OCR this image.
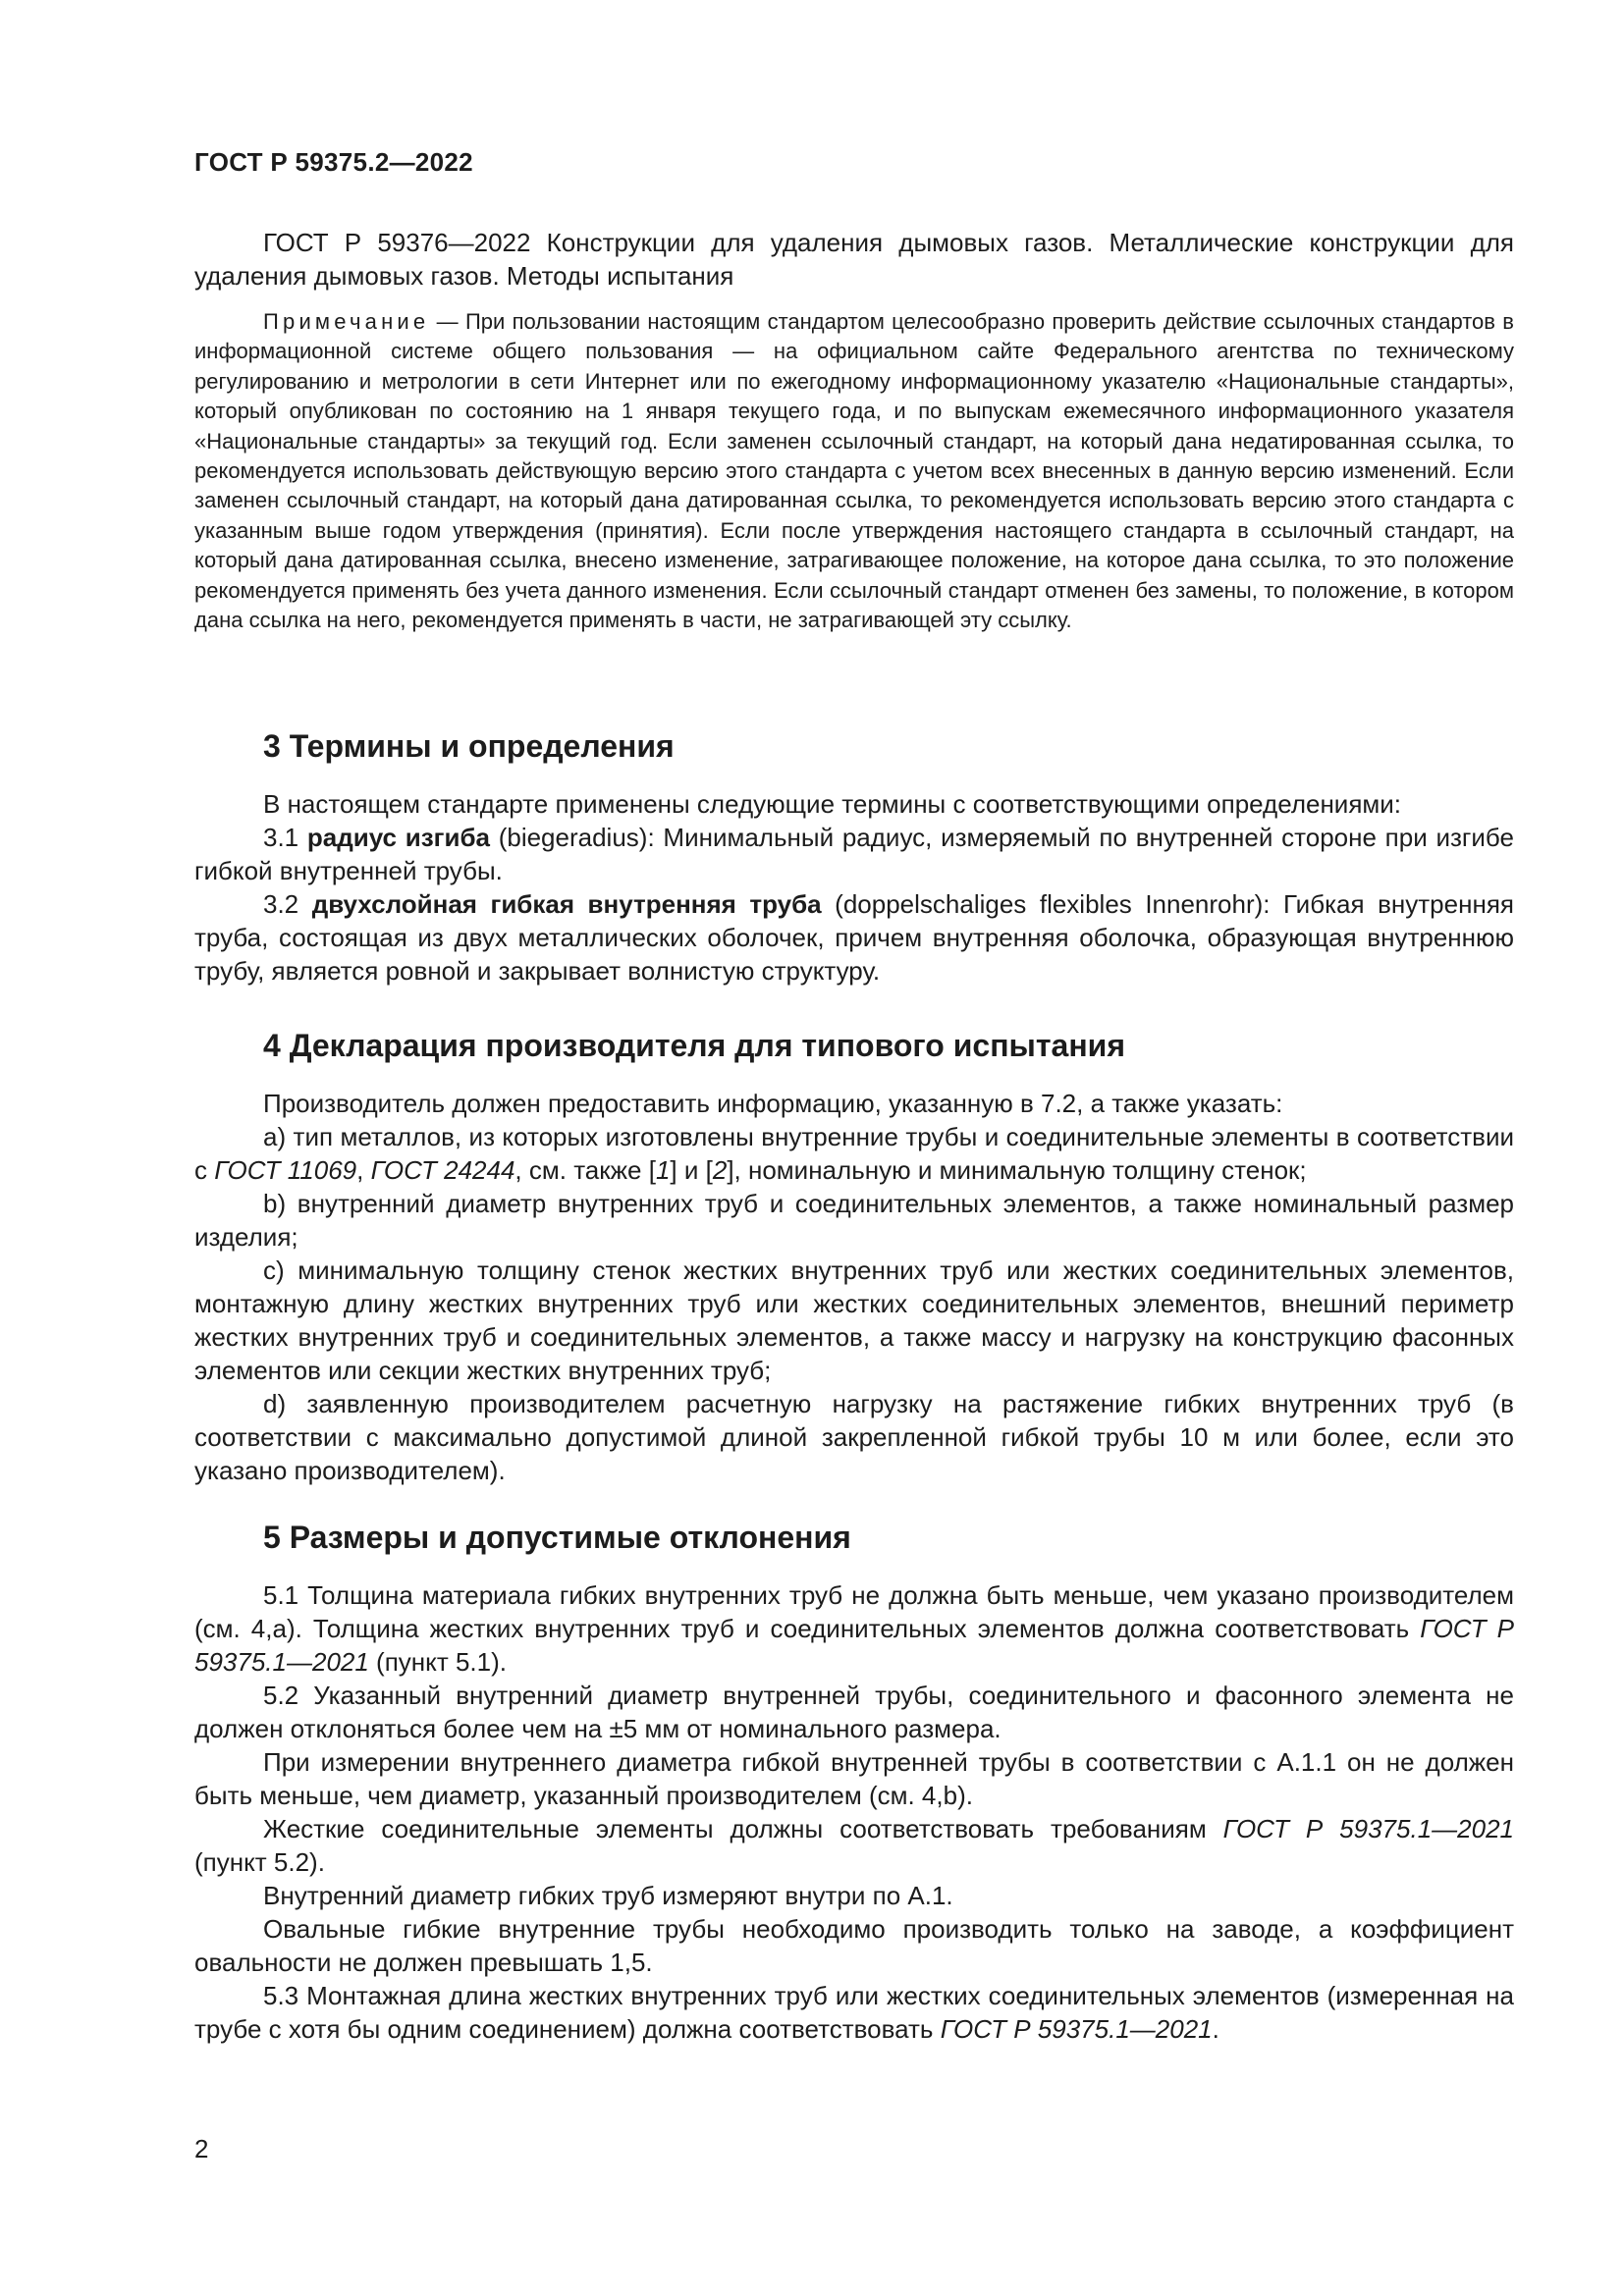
ГОСТ Р 59375.2—2022

ГОСТ Р 59376—2022 Конструкции для удаления дымовых газов. Металлические конструкции для удаления дымовых газов. Методы испытания

Примечание — При пользовании настоящим стандартом целесообразно проверить действие ссылочных стандартов в информационной системе общего пользования — на официальном сайте Федерального агентства по техническому регулированию и метрологии в сети Интернет или по ежегодному информационному указателю «Национальные стандарты», который опубликован по состоянию на 1 января текущего года, и по выпускам ежемесячного информационного указателя «Национальные стандарты» за текущий год. Если заменен ссылочный стандарт, на который дана недатированная ссылка, то рекомендуется использовать действующую версию этого стандарта с учетом всех внесенных в данную версию изменений. Если заменен ссылочный стандарт, на который дана датированная ссылка, то рекомендуется использовать версию этого стандарта с указанным выше годом утверждения (принятия). Если после утверждения настоящего стандарта в ссылочный стандарт, на который дана датированная ссылка, внесено изменение, затрагивающее положение, на которое дана ссылка, то это положение рекомендуется применять без учета данного изменения. Если ссылочный стандарт отменен без замены, то положение, в котором дана ссылка на него, рекомендуется применять в части, не затрагивающей эту ссылку.

3 Термины и определения

В настоящем стандарте применены следующие термины с соответствующими определениями:

3.1 радиус изгиба (biegeradius): Минимальный радиус, измеряемый по внутренней стороне при изгибе гибкой внутренней трубы.

3.2 двухслойная гибкая внутренняя труба (doppelschaliges flexibles Innenrohr): Гибкая внутренняя труба, состоящая из двух металлических оболочек, причем внутренняя оболочка, образующая внутреннюю трубу, является ровной и закрывает волнистую структуру.

4 Декларация производителя для типового испытания

Производитель должен предоставить информацию, указанную в 7.2, а также указать:

а) тип металлов, из которых изготовлены внутренние трубы и соединительные элементы в соответствии с ГОСТ 11069, ГОСТ 24244, см. также [1] и [2], номинальную и минимальную толщину стенок;

b) внутренний диаметр внутренних труб и соединительных элементов, а также номинальный размер изделия;

с) минимальную толщину стенок жестких внутренних труб или жестких соединительных элементов, монтажную длину жестких внутренних труб или жестких соединительных элементов, внешний периметр жестких внутренних труб и соединительных элементов, а также массу и нагрузку на конструкцию фасонных элементов или секции жестких внутренних труб;

d) заявленную производителем расчетную нагрузку на растяжение гибких внутренних труб (в соответствии с максимально допустимой длиной закрепленной гибкой трубы 10 м или более, если это указано производителем).

5 Размеры и допустимые отклонения

5.1 Толщина материала гибких внутренних труб не должна быть меньше, чем указано производителем (см. 4,а). Толщина жестких внутренних труб и соединительных элементов должна соответствовать ГОСТ Р 59375.1—2021 (пункт 5.1).

5.2 Указанный внутренний диаметр внутренней трубы, соединительного и фасонного элемента не должен отклоняться более чем на ±5 мм от номинального размера.

При измерении внутреннего диаметра гибкой внутренней трубы в соответствии с А.1.1 он не должен быть меньше, чем диаметр, указанный производителем (см. 4,b).

Жесткие соединительные элементы должны соответствовать требованиям ГОСТ Р 59375.1—2021 (пункт 5.2).

Внутренний диаметр гибких труб измеряют внутри по А.1.

Овальные гибкие внутренние трубы необходимо производить только на заводе, а коэффициент овальности не должен превышать 1,5.

5.3 Монтажная длина жестких внутренних труб или жестких соединительных элементов (измеренная на трубе с хотя бы одним соединением) должна соответствовать ГОСТ Р 59375.1—2021.

2
